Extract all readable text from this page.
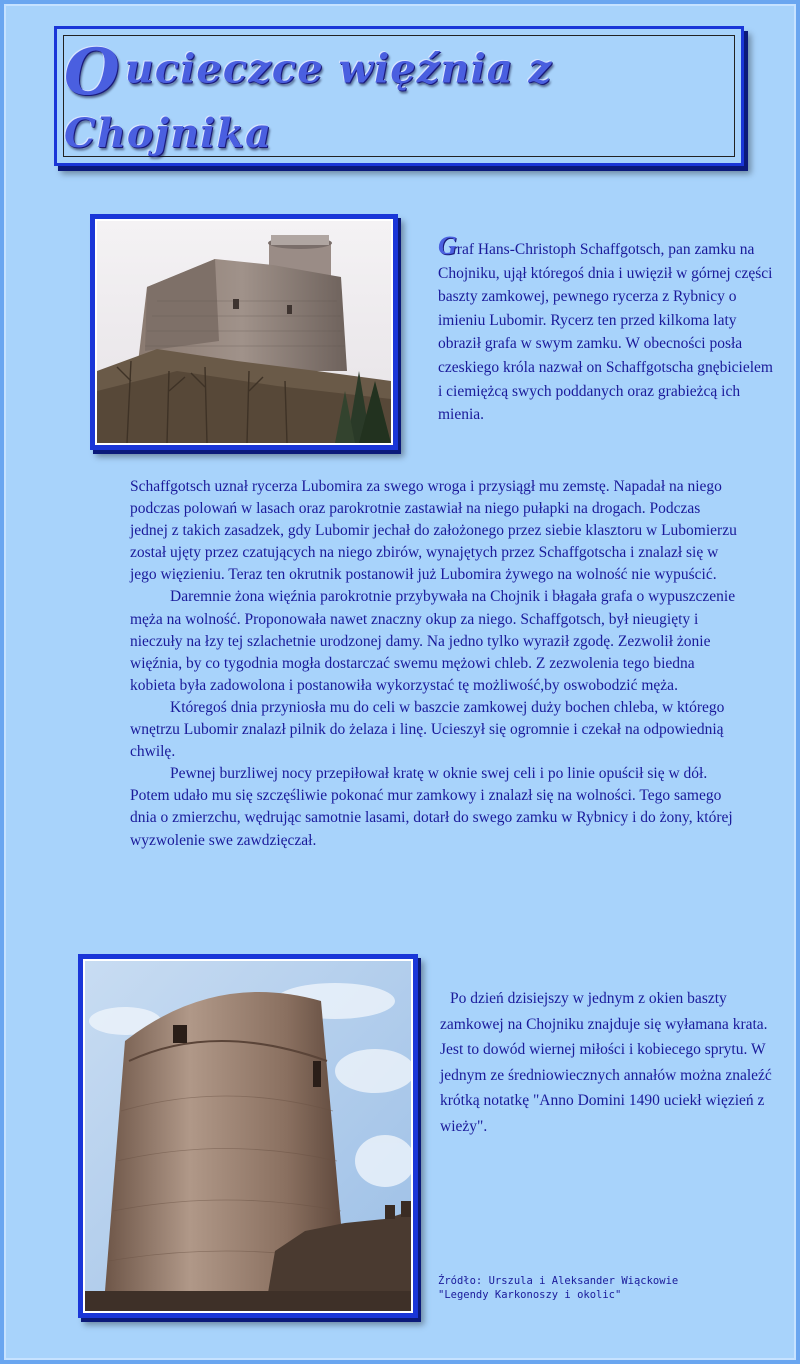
Oucieczce więźnia z Chojnika
Graf Hans-Christoph Schaffgotsch, pan zamku na Chojniku, ujął któregoś dnia i uwięził w górnej części baszty zamkowej, pewnego rycerza z Rybnicy o imieniu Lubomir. Rycerz ten przed kilkoma laty obraził grafa w swym zamku. W obecności posła czeskiego króla nazwał on Schaffgotscha gnębicielem i ciemiężcą swych poddanych oraz grabieżcą ich mienia.

Schaffgotsch uznał rycerza Lubomira za swego wroga i przysiągł mu zemstę. Napadał na niego podczas polowań w lasach oraz parokrotnie zastawiał na niego pułapki na drogach. Podczas jednej z takich zasadzek, gdy Lubomir jechał do założonego przez siebie klasztoru w Lubomierzu został ujęty przez czatujących na niego zbirów, wynajętych przez Schaffgotscha i znalazł się w jego więzieniu. Teraz ten okrutnik postanowił już Lubomira żywego na wolność nie wypuścić.

Daremnie żona więźnia parokrotnie przybywała na Chojnik i błagała grafa o wypuszczenie męża na wolność. Proponowała nawet znaczny okup za niego. Schaffgotsch, był nieugięty i nieczuły na łzy tej szlachetnie urodzonej damy. Na jedno tylko wyraził zgodę. Zezwolił żonie więźnia, by co tygodnia mogła dostarczać swemu mężowi chleb. Z zezwolenia tego biedna kobieta była zadowolona i postanowiła wykorzystać tę możliwość,by oswobodzić męża.

Któregoś dnia przyniosła mu do celi w baszcie zamkowej duży bochen chleba, w którego wnętrzu Lubomir znalazł pilnik do żelaza i linę. Ucieszył się ogromnie i czekał na odpowiednią chwilę.

Pewnej burzliwej nocy przepiłował kratę w oknie swej celi i po linie opuścił się w dół. Potem udało mu się szczęśliwie pokonać mur zamkowy i znalazł się na wolności. Tego samego dnia o zmierzchu, wędrując samotnie lasami, dotarł do swego zamku w Rybnicy i do żony, której wyzwolenie swe zawdzięczał.

Po dzień dzisiejszy w jednym z okien baszty zamkowej na Chojniku znajduje się wyłamana krata. Jest to dowód wiernej miłości i kobiecego sprytu. W jednym ze średniowiecznych annałów można znaleźć krótką notatkę "Anno Domini 1490 uciekł więzień z wieży".

Źródło: Urszula i Aleksander Wiąckowie
"Legendy Karkonoszy i okolic"
